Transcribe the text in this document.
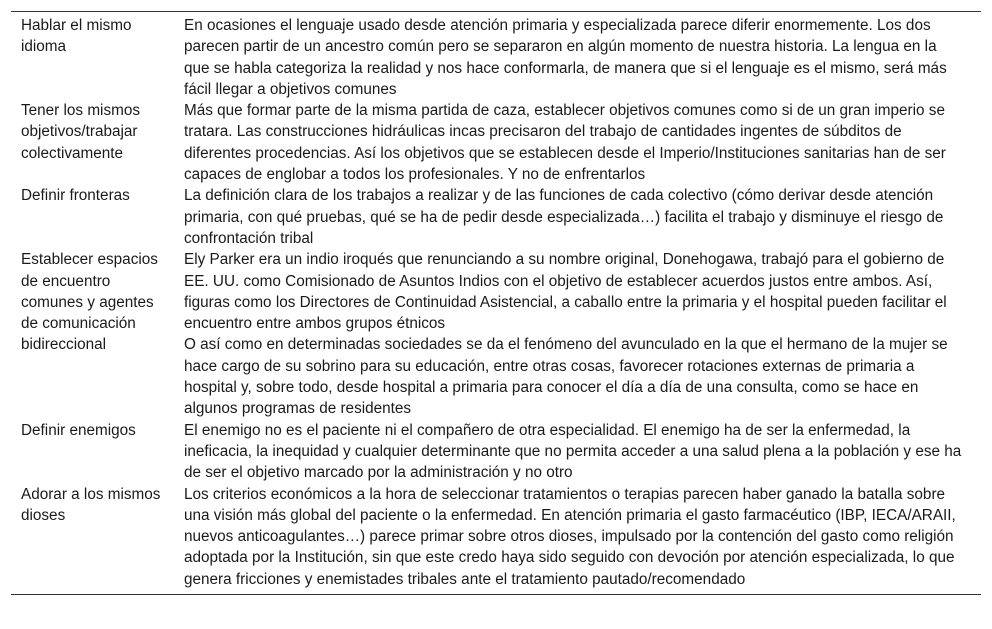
Hablar el mismo idioma	En ocasiones el lenguaje usado desde atención primaria y especializada parece diferir enormemente. Los dos parecen partir de un ancestro común pero se separaron en algún momento de nuestra historia. La lengua en la que se habla categoriza la realidad y nos hace conformarla, de manera que si el lenguaje es el mismo, será más fácil llegar a objetivos comunes
Tener los mismos objetivos/trabajar colectivamente	Más que formar parte de la misma partida de caza, establecer objetivos comunes como si de un gran imperio se tratara. Las construcciones hidráulicas incas precisaron del trabajo de cantidades ingentes de súbditos de diferentes procedencias. Así los objetivos que se establecen desde el Imperio/Instituciones sanitarias han de ser capaces de englobar a todos los profesionales. Y no de enfrentarlos
Definir fronteras	La definición clara de los trabajos a realizar y de las funciones de cada colectivo (cómo derivar desde atención primaria, con qué pruebas, qué se ha de pedir desde especializada…) facilita el trabajo y disminuye el riesgo de confrontación tribal
Establecer espacios de encuentro comunes y agentes de comunicación bidireccional	Ely Parker era un indio iroqués que renunciando a su nombre original, Donehogawa, trabajó para el gobierno de EE. UU. como Comisionado de Asuntos Indios con el objetivo de establecer acuerdos justos entre ambos. Así, figuras como los Directores de Continuidad Asistencial, a caballo entre la primaria y el hospital pueden facilitar el encuentro entre ambos grupos étnicos
O así como en determinadas sociedades se da el fenómeno del avunculado en la que el hermano de la mujer se hace cargo de su sobrino para su educación, entre otras cosas, favorecer rotaciones externas de primaria a hospital y, sobre todo, desde hospital a primaria para conocer el día a día de una consulta, como se hace en algunos programas de residentes
Definir enemigos	El enemigo no es el paciente ni el compañero de otra especialidad. El enemigo ha de ser la enfermedad, la ineficacia, la inequidad y cualquier determinante que no permita acceder a una salud plena a la población y ese ha de ser el objetivo marcado por la administración y no otro
Adorar a los mismos dioses	Los criterios económicos a la hora de seleccionar tratamientos o terapias parecen haber ganado la batalla sobre una visión más global del paciente o la enfermedad. En atención primaria el gasto farmacéutico (IBP, IECA/ARAII, nuevos anticoagulantes…) parece primar sobre otros dioses, impulsado por la contención del gasto como religión adoptada por la Institución, sin que este credo haya sido seguido con devoción por atención especializada, lo que genera fricciones y enemistades tribales ante el tratamiento pautado/recomendado
